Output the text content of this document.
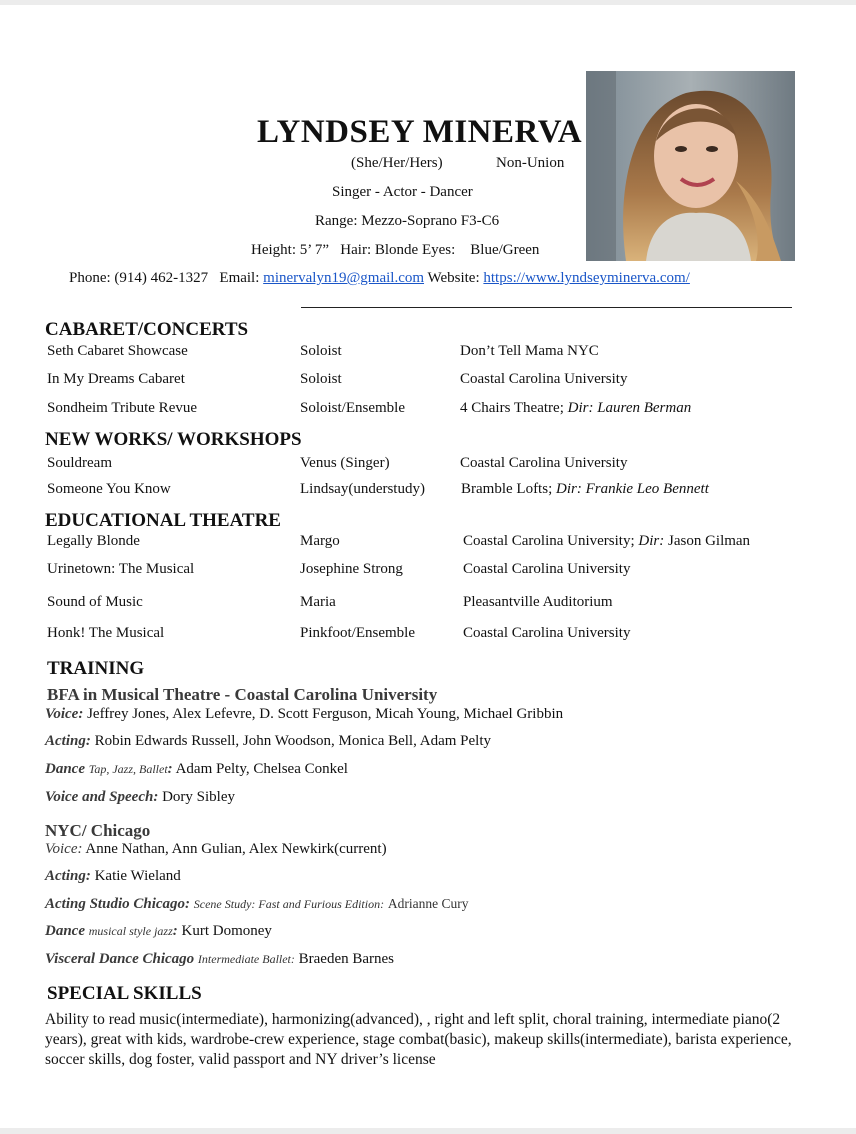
LYNDSEY MINERVA
(She/Her/Hers)	Non-Union
Singer - Actor - Dancer
Range: Mezzo-Soprano F3-C6
Height: 5’ 7” Hair: Blonde Eyes: Blue/Green
Phone: (914) 462-1327 Email: minervalyn19@gmail.com Website: https://www.lyndseyminerva.com/
CABARET/CONCERTS
Seth Cabaret Showcase	Soloist	Don’t Tell Mama NYC
In My Dreams Cabaret	Soloist	Coastal Carolina University
Sondheim Tribute Revue	Soloist/Ensemble	4 Chairs Theatre; Dir: Lauren Berman
NEW WORKS/ WORKSHOPS
Souldream	Venus (Singer)	Coastal Carolina University
Someone You Know	Lindsay(understudy) Bramble Lofts; Dir: Frankie Leo Bennett
EDUCATIONAL THEATRE
Legally Blonde	Margo	Coastal Carolina University; Dir: Jason Gilman
Urinetown: The Musical	Josephine Strong	Coastal Carolina University
Sound of Music	Maria	Pleasantville Auditorium
Honk! The Musical	Pinkfoot/Ensemble	Coastal Carolina University
TRAINING
BFA in Musical Theatre - Coastal Carolina University
Voice: Jeffrey Jones, Alex Lefevre, D. Scott Ferguson, Micah Young, Michael Gribbin
Acting: Robin Edwards Russell, John Woodson, Monica Bell, Adam Pelty
Dance Tap, Jazz, Ballet: Adam Pelty, Chelsea Conkel
Voice and Speech: Dory Sibley
NYC/ Chicago
Voice: Anne Nathan, Ann Gulian, Alex Newkirk(current)
Acting: Katie Wieland
Acting Studio Chicago: Scene Study: Fast and Furious Edition: Adrianne Cury
Dance musical style jazz: Kurt Domoney
Visceral Dance Chicago Intermediate Ballet: Braeden Barnes
SPECIAL SKILLS
Ability to read music(intermediate), harmonizing(advanced), , right and left split, choral training, intermediate piano(2 years), great with kids, wardrobe-crew experience, stage combat(basic), makeup skills(intermediate), barista experience, soccer skills, dog foster, valid passport and NY driver’s license
